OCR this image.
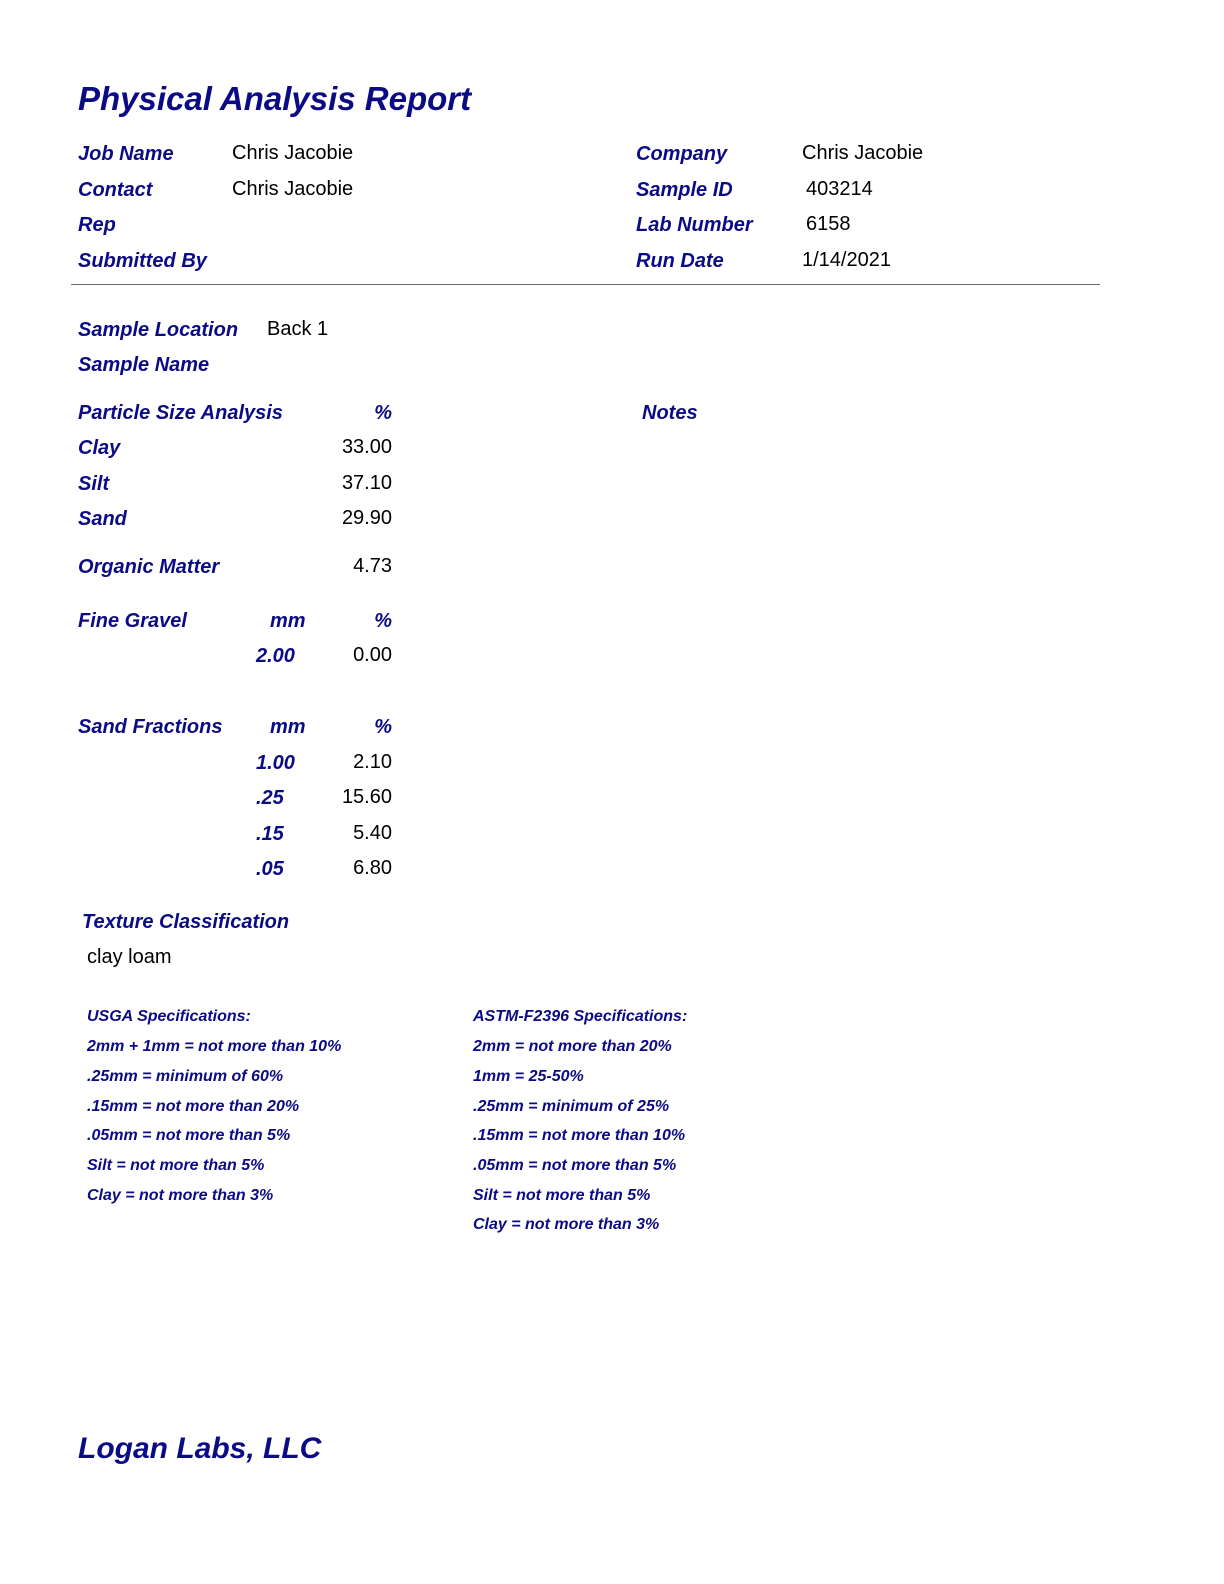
Physical Analysis Report
Job Name	Chris Jacobie
Contact	Chris Jacobie
Rep
Submitted By
Company	Chris Jacobie
Sample ID	403214
Lab Number	6158
Run Date	1/14/2021
Sample Location Back 1
Sample Name
Particle Size Analysis	%	Notes
Clay	33.00
Silt	37.10
Sand	29.90
Organic Matter	4.73
Fine Gravel	mm	%
2.00	0.00
Sand Fractions mm	%
1.00	2.10
.25	15.60
.15	5.40
.05	6.80
Texture Classification
clay loam
USGA Specifications:
2mm + 1mm = not more than 10%
.25mm = minimum of 60%
.15mm = not more than 20%
.05mm = not more than 5%
Silt = not more than 5%
Clay = not more than 3%
ASTM-F2396 Specifications:
2mm = not more than 20%
1mm = 25-50%
.25mm = minimum of 25%
.15mm = not more than 10%
.05mm = not more than 5%
Silt = not more than 5%
Clay = not more than 3%
Logan Labs, LLC
